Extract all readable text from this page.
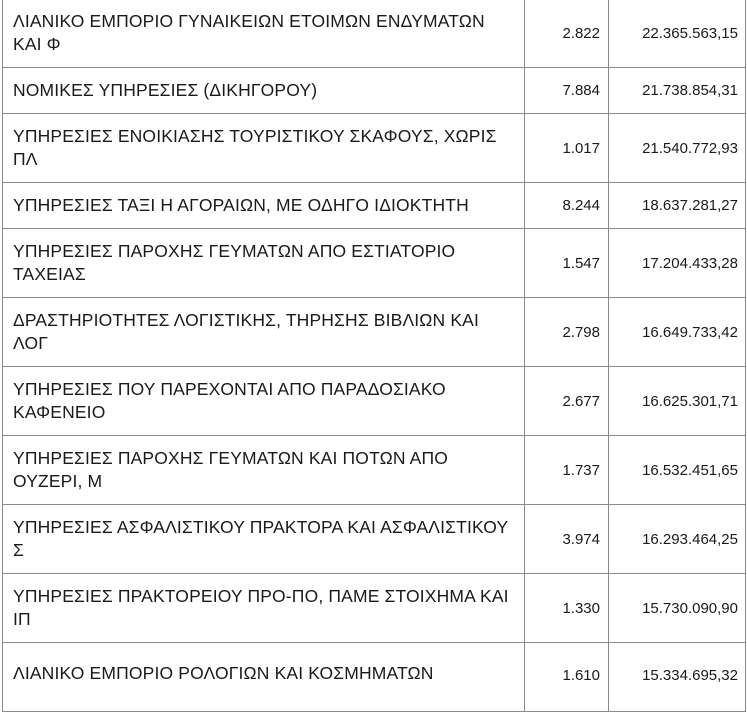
ΛΙΑΝΙΚΟ ΕΜΠΟΡΙΟ ΓΥΝΑΙΚΕΙΩΝ ΕΤΟΙΜΩΝ ΕΝΔΥΜΑΤΩΝ ΚΑΙ Φ	2.822	22.365.563,15
ΝΟΜΙΚΕΣ ΥΠΗΡΕΣΙΕΣ (ΔΙΚΗΓΟΡΟΥ)	7.884	21.738.854,31
ΥΠΗΡΕΣΙΕΣ ΕΝΟΙΚΙΑΣΗΣ ΤΟΥΡΙΣΤΙΚΟΥ ΣΚΑΦΟΥΣ, ΧΩΡΙΣ ΠΛ	1.017	21.540.772,93
ΥΠΗΡΕΣΙΕΣ ΤΑΞΙ Η ΑΓΟΡΑΙΩΝ, ΜΕ ΟΔΗΓΟ ΙΔΙΟΚΤΗΤΗ	8.244	18.637.281,27
ΥΠΗΡΕΣΙΕΣ ΠΑΡΟΧΗΣ ΓΕΥΜΑΤΩΝ ΑΠΟ ΕΣΤΙΑΤΟΡΙΟ ΤΑΧΕΙΑΣ	1.547	17.204.433,28
ΔΡΑΣΤΗΡΙΟΤΗΤΕΣ ΛΟΓΙΣΤΙΚΗΣ, ΤΗΡΗΣΗΣ ΒΙΒΛΙΩΝ ΚΑΙ ΛΟΓ	2.798	16.649.733,42
ΥΠΗΡΕΣΙΕΣ ΠΟΥ ΠΑΡΕΧΟΝΤΑΙ ΑΠΟ ΠΑΡΑΔΟΣΙΑΚΟ ΚΑΦΕΝΕΙΟ	2.677	16.625.301,71
ΥΠΗΡΕΣΙΕΣ ΠΑΡΟΧΗΣ ΓΕΥΜΑΤΩΝ ΚΑΙ ΠΟΤΩΝ ΑΠΟ ΟΥΖΕΡΙ, Μ	1.737	16.532.451,65
ΥΠΗΡΕΣΙΕΣ ΑΣΦΑΛΙΣΤΙΚΟΥ ΠΡΑΚΤΟΡΑ ΚΑΙ ΑΣΦΑΛΙΣΤΙΚΟΥ Σ	3.974	16.293.464,25
ΥΠΗΡΕΣΙΕΣ ΠΡΑΚΤΟΡΕΙΟΥ ΠΡΟ-ΠΟ, ΠΑΜΕ ΣΤΟΙΧΗΜΑ ΚΑΙ ΙΠ	1.330	15.730.090,90
ΛΙΑΝΙΚΟ ΕΜΠΟΡΙΟ ΡΟΛΟΓΙΩΝ ΚΑΙ ΚΟΣΜΗΜΑΤΩΝ	1.610	15.334.695,32
